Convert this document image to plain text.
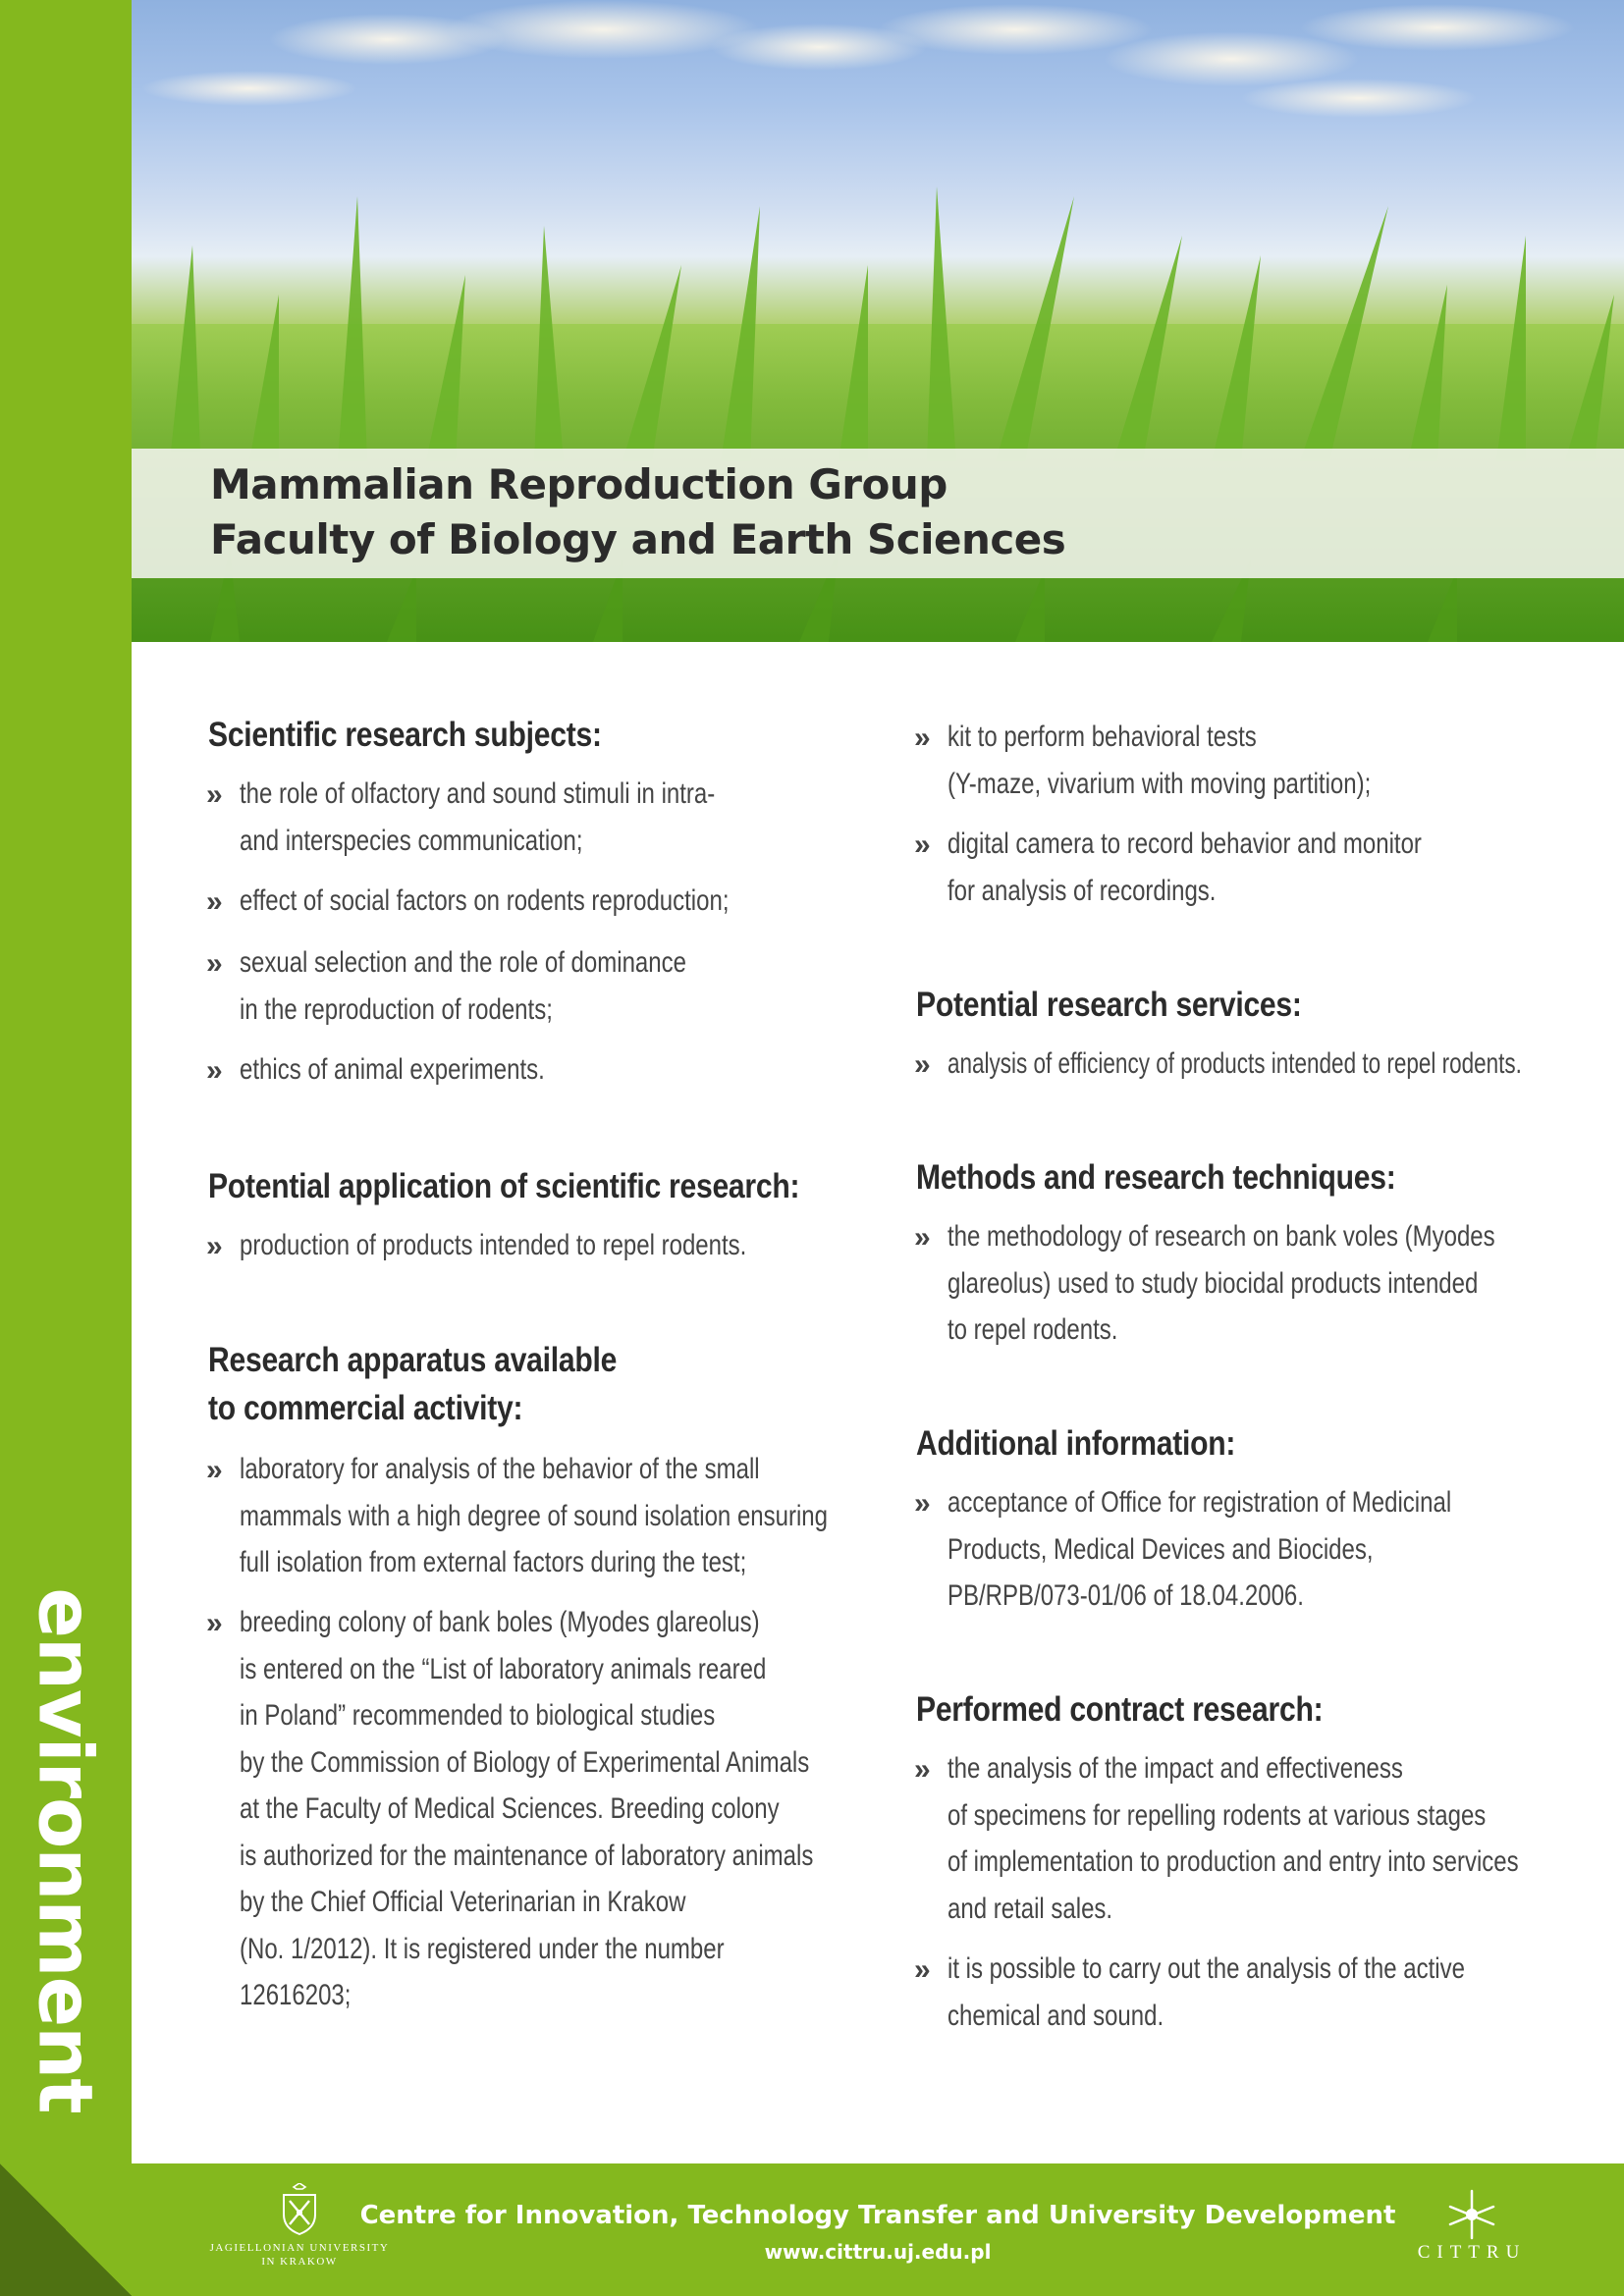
environment
Mammalian Reproduction Group
Faculty of Biology and Earth Sciences
Scientific research subjects:
» the role of olfactory and sound stimuli in intra-
and interspecies communication;
» effect of social factors on rodents reproduction;
» sexual selection and the role of dominance
in the reproduction of rodents;
» ethics of animal experiments.
Potential application of scientific research:
» production of products intended to repel rodents.
Research apparatus available
to commercial activity:
» laboratory for analysis of the behavior of the small
mammals with a high degree of sound isolation ensuring
full isolation from external factors during the test;
» breeding colony of bank boles (Myodes glareolus)
is entered on the “List of laboratory animals reared
in Poland” recommended to biological studies
by the Commission of Biology of Experimental Animals
at the Faculty of Medical Sciences. Breeding colony
is authorized for the maintenance of laboratory animals
by the Chief Official Veterinarian in Krakow
(No. 1/2012). It is registered under the number
12616203;
» kit to perform behavioral tests
(Y-maze, vivarium with moving partition);
» digital camera to record behavior and monitor
for analysis of recordings.
Potential research services:
» analysis of efficiency of products intended to repel rodents.
Methods and research techniques:
» the methodology of research on bank voles (Myodes
glareolus) used to study biocidal products intended
to repel rodents.
Additional information:
» acceptance of Office for registration of Medicinal
Products, Medical Devices and Biocides,
PB/RPB/073-01/06 of 18.04.2006.
Performed contract research:
» the analysis of the impact and effectiveness
of specimens for repelling rodents at various stages
of implementation to production and entry into services
and retail sales.
» it is possible to carry out the analysis of the active
chemical and sound.
JAGIELLONIAN UNIVERSITY
IN KRAKOW
Centre for Innovation, Technology Transfer and University Development
www.cittru.uj.edu.pl	CITTRU
